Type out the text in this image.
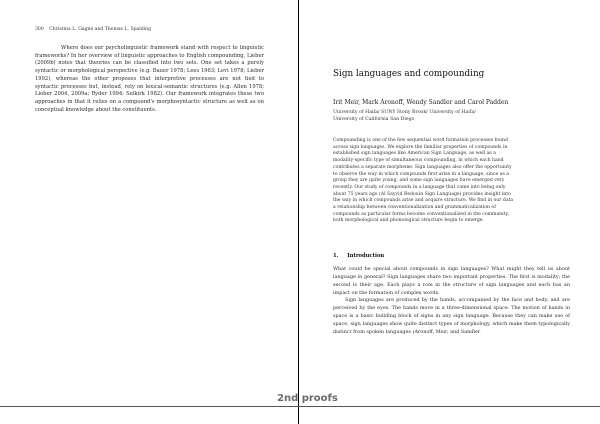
300 Christina L. Gagné and Thomas L. Spalding

Where does our psycholinguistic framework stand with respect to linguistic frameworks? In her overview of linguistic approaches to English compounding, Lieber (2009b) notes that theories can be classified into two sets. One set takes a purely syntactic or morphological perspective (e.g. Bauer 1978; Lees 1963; Levi 1978; Lieber 1992), whereas the other proposes that interpretive processes are not tied to syntactic processes but, instead, rely on lexical-semantic structures (e.g. Allen 1978; Lieber 2004, 2009a; Ryder 1994; Selkirk 1982). Our framework integrates these two approaches in that it relies on a compound's morphosyntactic structure as well as on conceptual knowledge about the constituents.

Sign languages and compounding
Irit Meir, Mark Aronoff, Wendy Sandler and Carol Padden
University of Haifa/ SUNY Stony Brook/ University of Haifa/
University of California San Diego

Compounding is one of the few sequential word formation processes found across sign languages. We explore the familiar properties of compounds in established sign languages like American Sign Language, as well as a modality-specific type of simultaneous compounding, in which each hand contributes a separate morpheme. Sign languages also offer the opportunity to observe the way in which compounds first arise in a language, since as a group they are quite young, and some sign languages have emerged very recently. Our study of compounds in a language that came into being only about 75 years ago (Al Sayyid Bedouin Sign Language) provides insight into the way in which compounds arise and acquire structure. We find in our data a relationship between conventionalization and grammaticalization of compounds as particular forms become conventionalized in the community, both morphological and phonological structure begin to emerge.

1. Introduction

What could be special about compounds in sign languages? What might they tell us about language in general? Sign languages share two important properties. The first is modality; the second is their age. Each plays a role in the structure of sign languages and each has an impact on the formation of complex words.

Sign languages are produced by the hands, accompanied by the face and body, and are perceived by the eyes. The hands move in a three-dimensional space. The motion of hands in space is a basic building block of signs in any sign language. Because they can make use of space, sign languages show quite distinct types of morphology, which make them typologically distinct from spoken languages (Aronoff, Meir, and Sandler

2nd proofs
